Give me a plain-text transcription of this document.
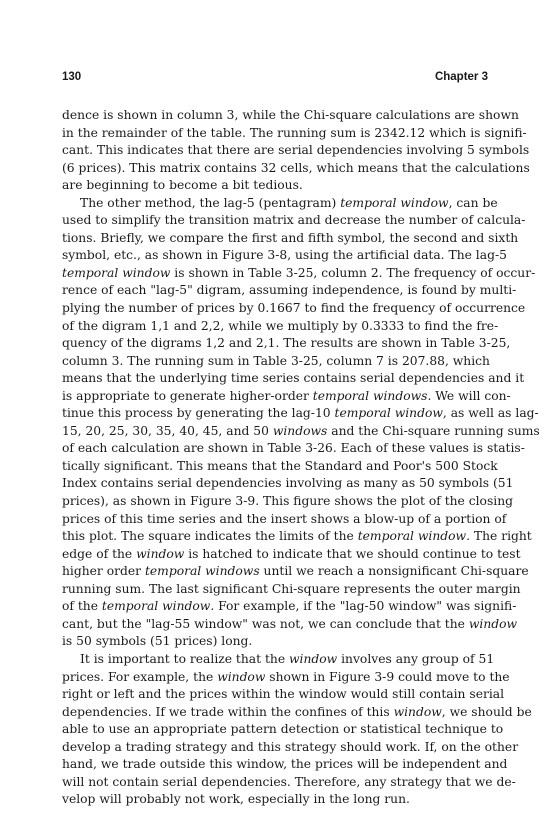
130	Chapter 3
dence is shown in column 3, while the Chi-square calculations are shown
in the remainder of the table. The running sum is 2342.12 which is signifi-
cant. This indicates that there are serial dependencies involving 5 symbols
(6 prices). This matrix contains 32 cells, which means that the calculations
are beginning to become a bit tedious.
The other method, the lag-5 (pentagram) temporal window, can be
used to simplify the transition matrix and decrease the number of calcula-
tions. Briefly, we compare the first and fifth symbol, the second and sixth
symbol, etc., as shown in Figure 3-8, using the artificial data. The lag-5
temporal window is shown in Table 3-25, column 2. The frequency of occur-
rence of each "lag-5" digram, assuming independence, is found by multi-
plying the number of prices by 0.1667 to find the frequency of occurrence
of the digram 1,1 and 2,2, while we multiply by 0.3333 to find the fre-
quency of the digrams 1,2 and 2,1. The results are shown in Table 3-25,
column 3. The running sum in Table 3-25, column 7 is 207.88, which
means that the underlying time series contains serial dependencies and it
is appropriate to generate higher-order temporal windows. We will con-
tinue this process by generating the lag-10 temporal window, as well as lag-
15, 20, 25, 30, 35, 40, 45, and 50 windows and the Chi-square running sums
of each calculation are shown in Table 3-26. Each of these values is statis-
tically significant. This means that the Standard and Poor's 500 Stock
Index contains serial dependencies involving as many as 50 symbols (51
prices), as shown in Figure 3-9. This figure shows the plot of the closing
prices of this time series and the insert shows a blow-up of a portion of
this plot. The square indicates the limits of the temporal window. The right
edge of the window is hatched to indicate that we should continue to test
higher order temporal windows until we reach a nonsignificant Chi-square
running sum. The last significant Chi-square represents the outer margin
of the temporal window. For example, if the "lag-50 window" was signifi-
cant, but the "lag-55 window" was not, we can conclude that the window
is 50 symbols (51 prices) long.
It is important to realize that the window involves any group of 51
prices. For example, the window shown in Figure 3-9 could move to the
right or left and the prices within the window would still contain serial
dependencies. If we trade within the confines of this window, we should be
able to use an appropriate pattern detection or statistical technique to
develop a trading strategy and this strategy should work. If, on the other
hand, we trade outside this window, the prices will be independent and
will not contain serial dependencies. Therefore, any strategy that we de-
velop will probably not work, especially in the long run.
